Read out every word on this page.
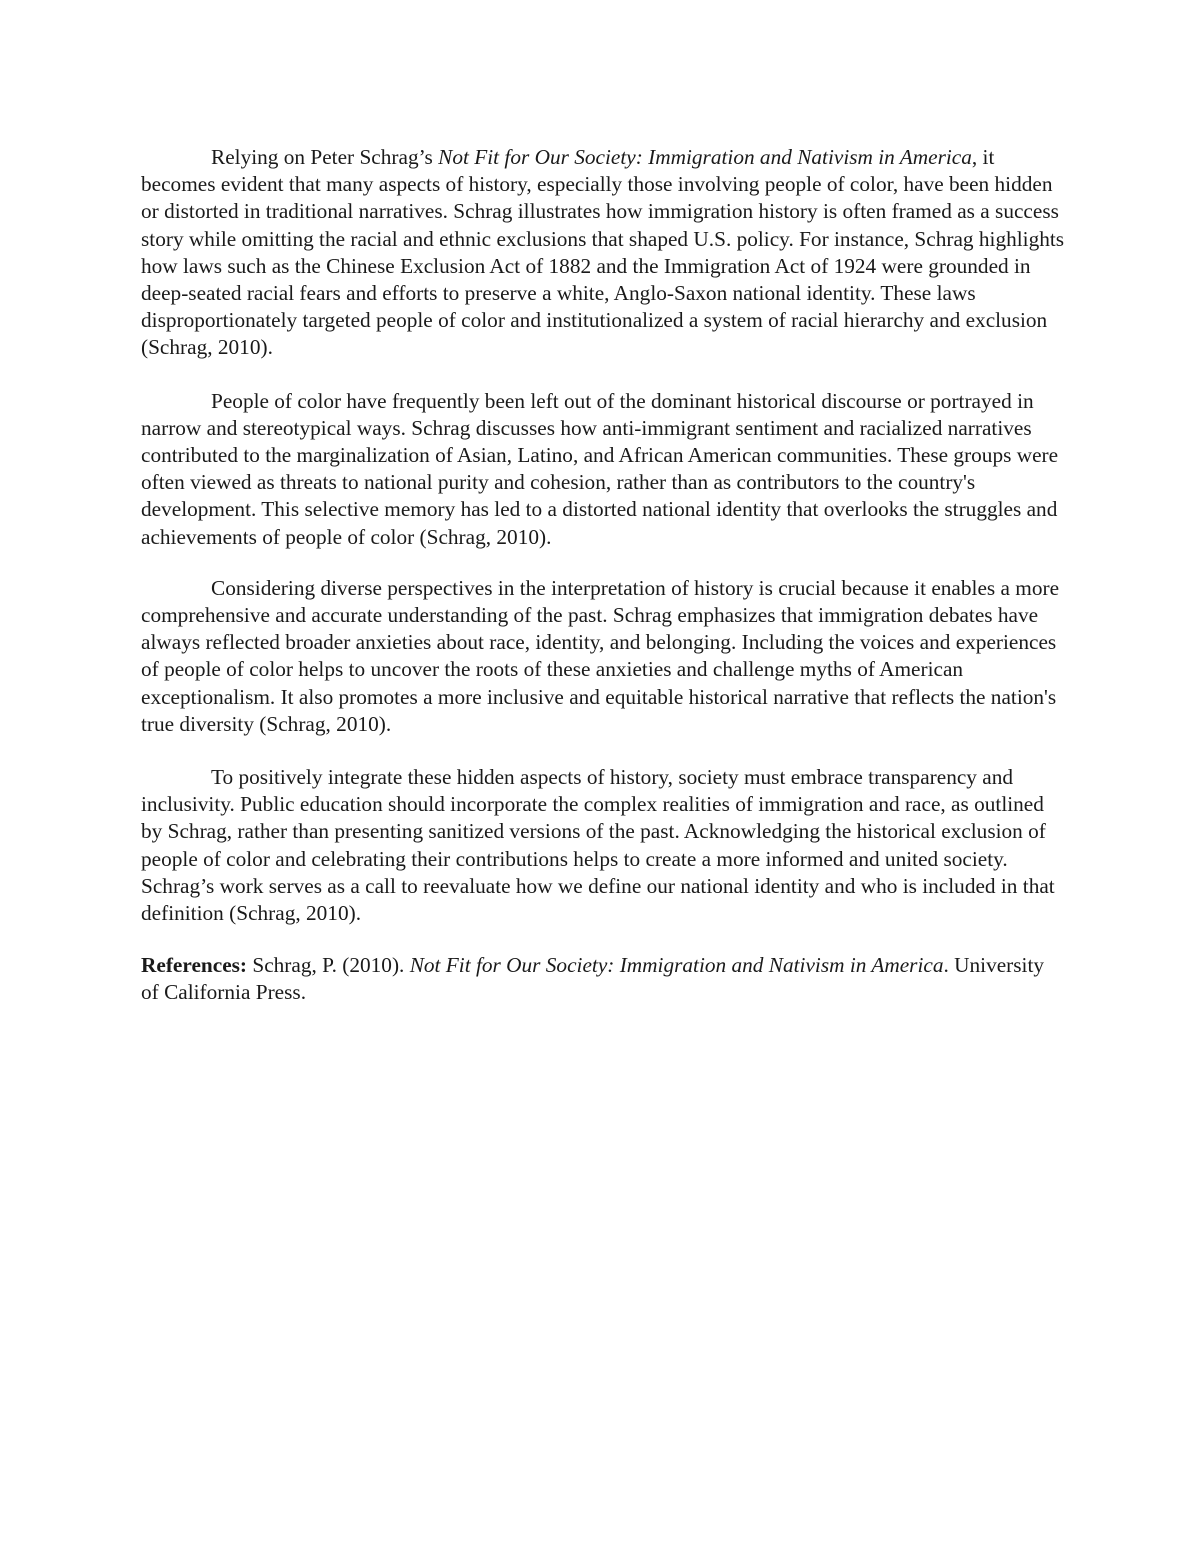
Relying on Peter Schrag’s Not Fit for Our Society: Immigration and Nativism in America, it becomes evident that many aspects of history, especially those involving people of color, have been hidden or distorted in traditional narratives. Schrag illustrates how immigration history is often framed as a success story while omitting the racial and ethnic exclusions that shaped U.S. policy. For instance, Schrag highlights how laws such as the Chinese Exclusion Act of 1882 and the Immigration Act of 1924 were grounded in deep-seated racial fears and efforts to preserve a white, Anglo-Saxon national identity. These laws disproportionately targeted people of color and institutionalized a system of racial hierarchy and exclusion (Schrag, 2010).

People of color have frequently been left out of the dominant historical discourse or portrayed in narrow and stereotypical ways. Schrag discusses how anti-immigrant sentiment and racialized narratives contributed to the marginalization of Asian, Latino, and African American communities. These groups were often viewed as threats to national purity and cohesion, rather than as contributors to the country's development. This selective memory has led to a distorted national identity that overlooks the struggles and achievements of people of color (Schrag, 2010).

Considering diverse perspectives in the interpretation of history is crucial because it enables a more comprehensive and accurate understanding of the past. Schrag emphasizes that immigration debates have always reflected broader anxieties about race, identity, and belonging. Including the voices and experiences of people of color helps to uncover the roots of these anxieties and challenge myths of American exceptionalism. It also promotes a more inclusive and equitable historical narrative that reflects the nation's true diversity (Schrag, 2010).

To positively integrate these hidden aspects of history, society must embrace transparency and inclusivity. Public education should incorporate the complex realities of immigration and race, as outlined by Schrag, rather than presenting sanitized versions of the past. Acknowledging the historical exclusion of people of color and celebrating their contributions helps to create a more informed and united society. Schrag’s work serves as a call to reevaluate how we define our national identity and who is included in that definition (Schrag, 2010).

References: Schrag, P. (2010). Not Fit for Our Society: Immigration and Nativism in America. University of California Press.
